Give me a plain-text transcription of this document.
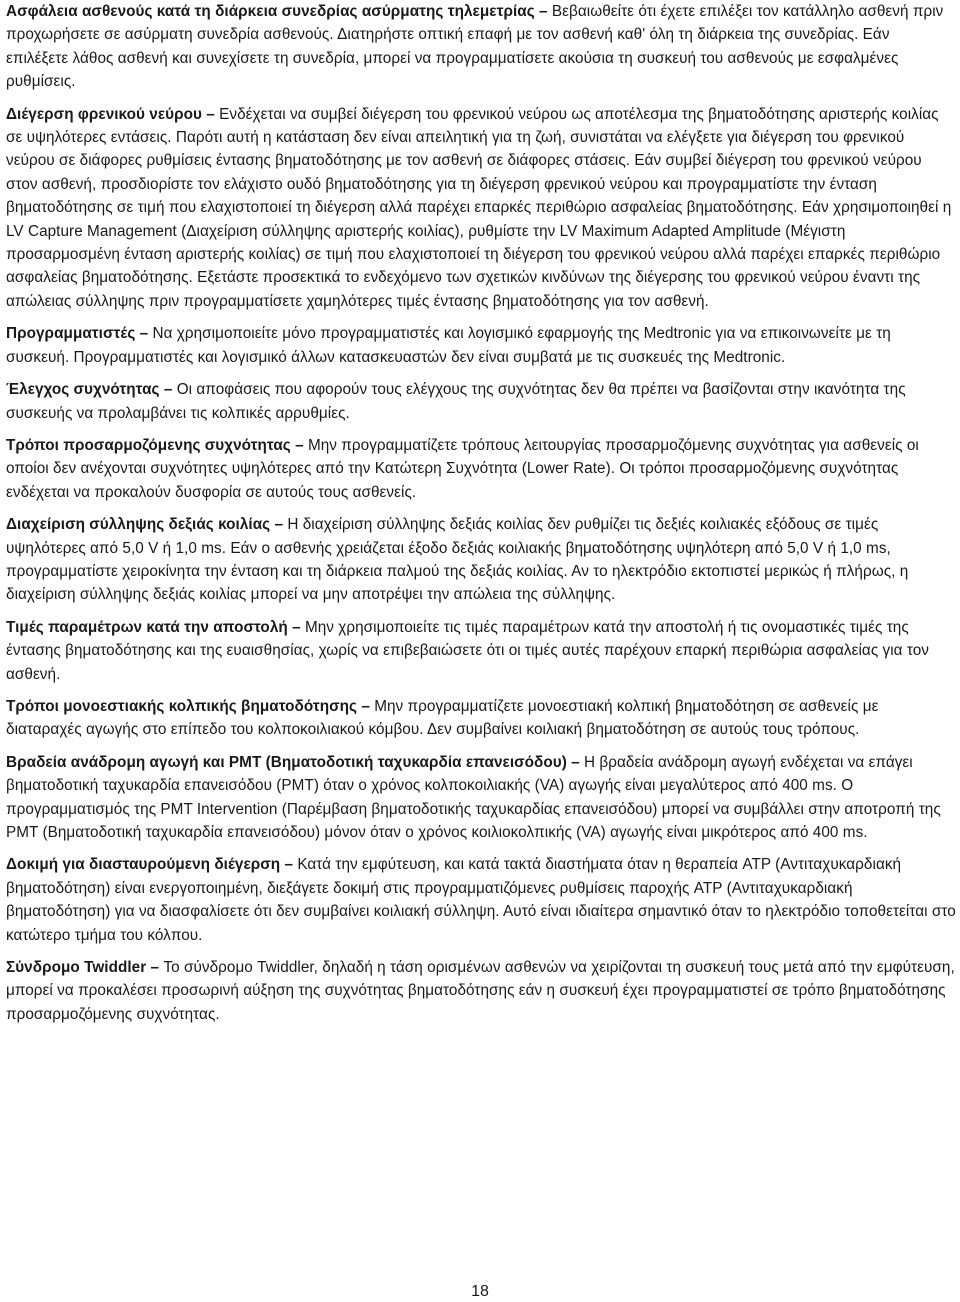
Ασφάλεια ασθενούς κατά τη διάρκεια συνεδρίας ασύρματης τηλεμετρίας – Βεβαιωθείτε ότι έχετε επιλέξει τον κατάλληλο ασθενή πριν προχωρήσετε σε ασύρματη συνεδρία ασθενούς. Διατηρήστε οπτική επαφή με τον ασθενή καθ' όλη τη διάρκεια της συνεδρίας. Εάν επιλέξετε λάθος ασθενή και συνεχίσετε τη συνεδρία, μπορεί να προγραμματίσετε ακούσια τη συσκευή του ασθενούς με εσφαλμένες ρυθμίσεις.

Διέγερση φρενικού νεύρου – Ενδέχεται να συμβεί διέγερση του φρενικού νεύρου ως αποτέλεσμα της βηματοδότησης αριστερής κοιλίας σε υψηλότερες εντάσεις. Παρότι αυτή η κατάσταση δεν είναι απειλητική για τη ζωή, συνιστάται να ελέγξετε για διέγερση του φρενικού νεύρου σε διάφορες ρυθμίσεις έντασης βηματοδότησης με τον ασθενή σε διάφορες στάσεις. Εάν συμβεί διέγερση του φρενικού νεύρου στον ασθενή, προσδιορίστε τον ελάχιστο ουδό βηματοδότησης για τη διέγερση φρενικού νεύρου και προγραμματίστε την ένταση βηματοδότησης σε τιμή που ελαχιστοποιεί τη διέγερση αλλά παρέχει επαρκές περιθώριο ασφαλείας βηματοδότησης. Εάν χρησιμοποιηθεί η LV Capture Management (Διαχείριση σύλληψης αριστερής κοιλίας), ρυθμίστε την LV Maximum Adapted Amplitude (Μέγιστη προσαρμοσμένη ένταση αριστερής κοιλίας) σε τιμή που ελαχιστοποιεί τη διέγερση του φρενικού νεύρου αλλά παρέχει επαρκές περιθώριο ασφαλείας βηματοδότησης. Εξετάστε προσεκτικά το ενδεχόμενο των σχετικών κινδύνων της διέγερσης του φρενικού νεύρου έναντι της απώλειας σύλληψης πριν προγραμματίσετε χαμηλότερες τιμές έντασης βηματοδότησης για τον ασθενή.

Προγραμματιστές – Να χρησιμοποιείτε μόνο προγραμματιστές και λογισμικό εφαρμογής της Medtronic για να επικοινωνείτε με τη συσκευή. Προγραμματιστές και λογισμικό άλλων κατασκευαστών δεν είναι συμβατά με τις συσκευές της Medtronic.

Έλεγχος συχνότητας – Οι αποφάσεις που αφορούν τους ελέγχους της συχνότητας δεν θα πρέπει να βασίζονται στην ικανότητα της συσκευής να προλαμβάνει τις κολπικές αρρυθμίες.

Τρόποι προσαρμοζόμενης συχνότητας – Μην προγραμματίζετε τρόπους λειτουργίας προσαρμοζόμενης συχνότητας για ασθενείς οι οποίοι δεν ανέχονται συχνότητες υψηλότερες από την Κατώτερη Συχνότητα (Lower Rate). Οι τρόποι προσαρμοζόμενης συχνότητας ενδέχεται να προκαλούν δυσφορία σε αυτούς τους ασθενείς.

Διαχείριση σύλληψης δεξιάς κοιλίας – Η διαχείριση σύλληψης δεξιάς κοιλίας δεν ρυθμίζει τις δεξιές κοιλιακές εξόδους σε τιμές υψηλότερες από 5,0 V ή 1,0 ms. Εάν ο ασθενής χρειάζεται έξοδο δεξιάς κοιλιακής βηματοδότησης υψηλότερη από 5,0 V ή 1,0 ms, προγραμματίστε χειροκίνητα την ένταση και τη διάρκεια παλμού της δεξιάς κοιλίας. Αν το ηλεκτρόδιο εκτοπιστεί μερικώς ή πλήρως, η διαχείριση σύλληψης δεξιάς κοιλίας μπορεί να μην αποτρέψει την απώλεια της σύλληψης.

Τιμές παραμέτρων κατά την αποστολή – Μην χρησιμοποιείτε τις τιμές παραμέτρων κατά την αποστολή ή τις ονομαστικές τιμές της έντασης βηματοδότησης και της ευαισθησίας, χωρίς να επιβεβαιώσετε ότι οι τιμές αυτές παρέχουν επαρκή περιθώρια ασφαλείας για τον ασθενή.

Τρόποι μονοεστιακής κολπικής βηματοδότησης – Μην προγραμματίζετε μονοεστιακή κολπική βηματοδότηση σε ασθενείς με διαταραχές αγωγής στο επίπεδο του κολποκοιλιακού κόμβου. Δεν συμβαίνει κοιλιακή βηματοδότηση σε αυτούς τους τρόπους.

Βραδεία ανάδρομη αγωγή και PMT (Βηματοδοτική ταχυκαρδία επανεισόδου) – Η βραδεία ανάδρομη αγωγή ενδέχεται να επάγει βηματοδοτική ταχυκαρδία επανεισόδου (PMT) όταν ο χρόνος κολποκοιλιακής (VA) αγωγής είναι μεγαλύτερος από 400 ms. Ο προγραμματισμός της PMT Intervention (Παρέμβαση βηματοδοτικής ταχυκαρδίας επανεισόδου) μπορεί να συμβάλλει στην αποτροπή της PMT (Βηματοδοτική ταχυκαρδία επανεισόδου) μόνον όταν ο χρόνος κοιλιοκολπικής (VA) αγωγής είναι μικρότερος από 400 ms.

Δοκιμή για διασταυρούμενη διέγερση – Κατά την εμφύτευση, και κατά τακτά διαστήματα όταν η θεραπεία ATP (Αντιταχυκαρδιακή βηματοδότηση) είναι ενεργοποιημένη, διεξάγετε δοκιμή στις προγραμματιζόμενες ρυθμίσεις παροχής ATP (Αντιταχυκαρδιακή βηματοδότηση) για να διασφαλίσετε ότι δεν συμβαίνει κοιλιακή σύλληψη. Αυτό είναι ιδιαίτερα σημαντικό όταν το ηλεκτρόδιο τοποθετείται στο κατώτερο τμήμα του κόλπου.

Σύνδρομο Twiddler – Το σύνδρομο Twiddler, δηλαδή η τάση ορισμένων ασθενών να χειρίζονται τη συσκευή τους μετά από την εμφύτευση, μπορεί να προκαλέσει προσωρινή αύξηση της συχνότητας βηματοδότησης εάν η συσκευή έχει προγραμματιστεί σε τρόπο βηματοδότησης προσαρμοζόμενης συχνότητας.

18
